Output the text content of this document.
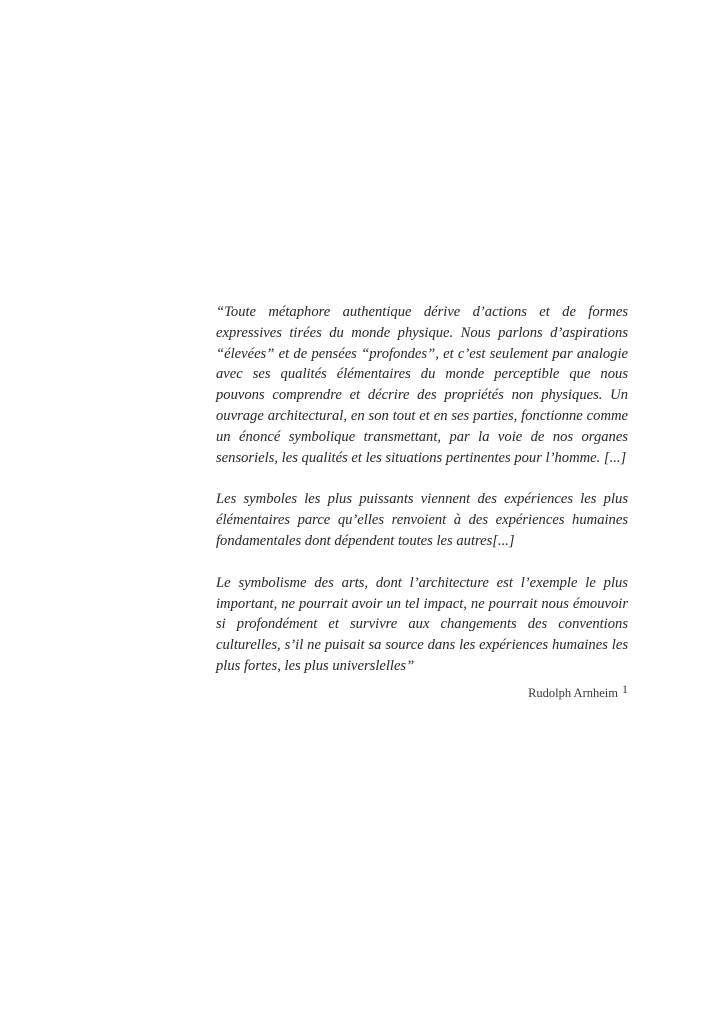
“Toute métaphore authentique dérive d’actions et de formes expressives tirées du monde physique. Nous parlons d’aspirations “élevées” et de pensées “profondes”, et c’est seulement par analogie avec ses qualités élémentaires du monde perceptible que nous pouvons comprendre et décrire des propriétés non physiques. Un ouvrage architectural, en son tout et en ses parties, fonctionne comme un énoncé symbolique transmettant, par la voie de nos organes sensoriels, les qualités et les situations pertinentes pour l’homme. [...]

Les symboles les plus puissants viennent des expériences les plus élémentaires parce qu’elles renvoient à des expériences humaines fondamentales dont dépendent toutes les autres[...]

Le symbolisme des arts, dont l’architecture est l’exemple le plus important, ne pourrait avoir un tel impact, ne pourrait nous émouvoir si profondément et survivre aux changements des conventions culturelles, s’il ne puisait sa source dans les expériences humaines les plus fortes, les plus universlelles”

Rudolph Arnheim 1
